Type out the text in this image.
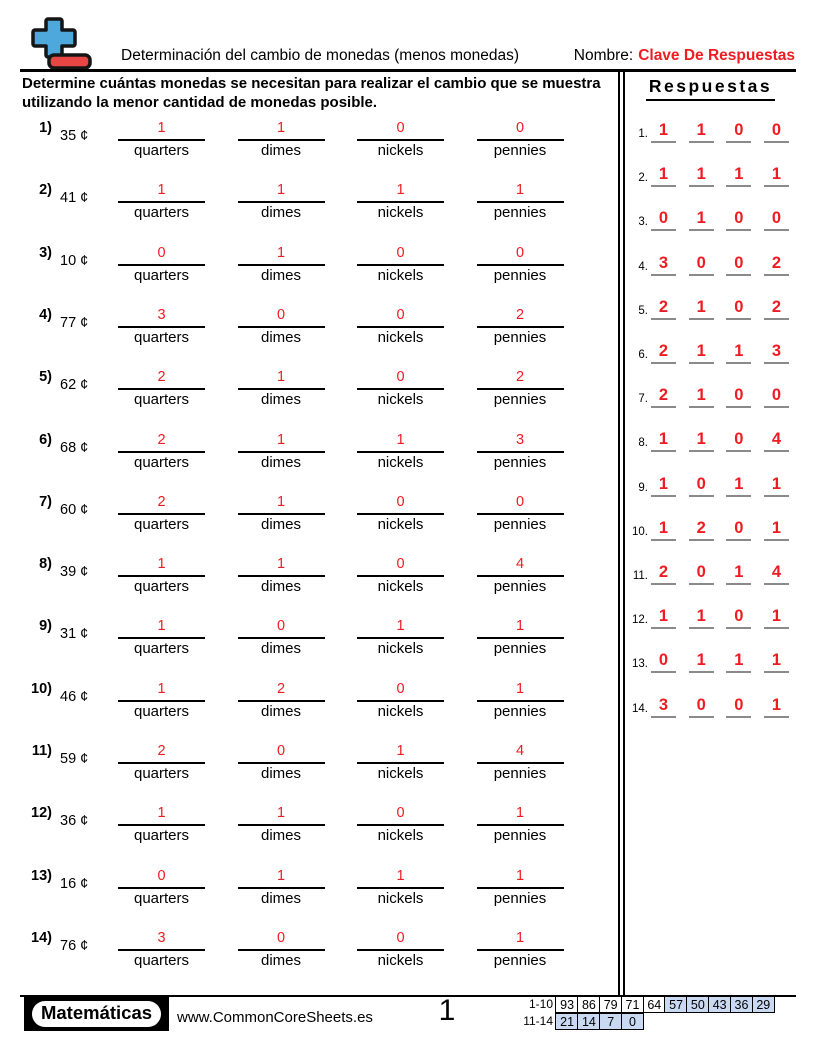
Determinación del cambio de monedas (menos monedas)	Nombre: Clave De Respuestas
Determine cuántas monedas se necesitan para realizar el cambio que se muestra utilizando la menor cantidad de monedas posible.
1) 35 ¢	1
quarters
1
dimes
0
nickels
0
pennies
2) 41 ¢	1
quarters
1
dimes
1
nickels
1
pennies
3) 10 ¢	0
quarters
1
dimes
0
nickels
0
pennies
4) 77 ¢	3
quarters
0
dimes
0
nickels
2
pennies
5) 62 ¢	2
quarters
1
dimes
0
nickels
2
pennies
6) 68 ¢	2
quarters
1
dimes
1
nickels
3
pennies
7) 60 ¢	2
quarters
1
dimes
0
nickels
0
pennies
8) 39 ¢	1
quarters
1
dimes
0
nickels
4
pennies
9) 31 ¢	1
quarters
0
dimes
1
nickels
1
pennies
10) 46 ¢	1
quarters
2
dimes
0
nickels
1
pennies
11) 59 ¢	2
quarters
0
dimes
1
nickels
4
pennies
12) 36 ¢	1
quarters
1
dimes
0
nickels
1
pennies
13) 16 ¢	0
quarters
1
dimes
1
nickels
1
pennies
14) 76 ¢	3
quarters
0
dimes
0
nickels
1
pennies
Respuestas
1. 1	1	0	0
2. 1	1	1	1
3. 0	1	0	0
4. 3	0	0	2
5. 2	1	0	2
6. 2	1	1	3
7. 2	1	0	0
8. 1	1	0	4
9. 1	0	1	1
10. 1	2	0	1
11. 2	0	1	4
12. 1	1	0	1
13. 0	1	1	1
14. 3	0	0	1
Matemáticas	www.CommonCoreSheets.es	1	1-10 93 86 79 71 64 57 50 43 36 29
11-14 21 14 7	0
